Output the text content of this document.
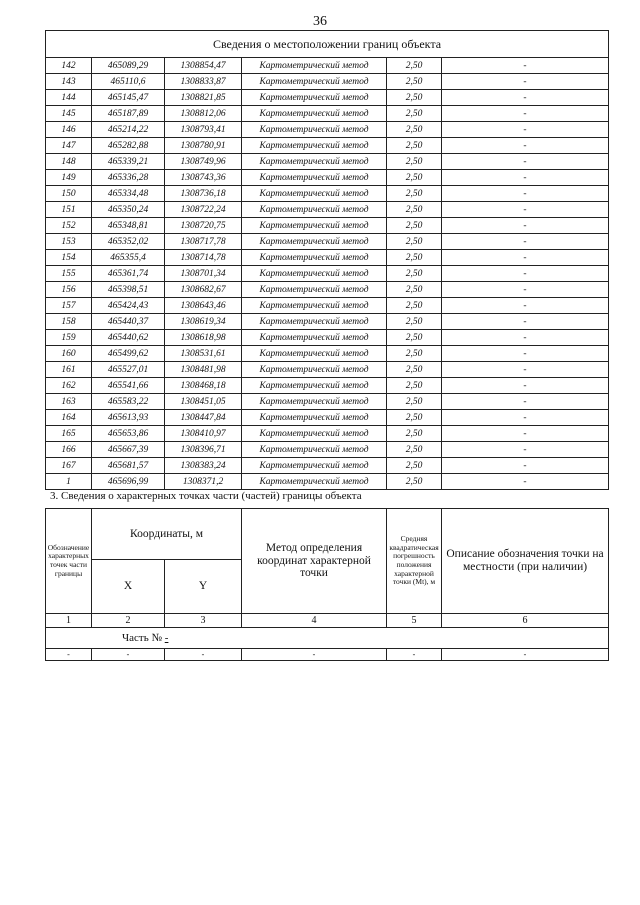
36
Сведения о местоположении границ объекта					
142	465089,29	1308854,47	Картометрический метод	2,50	-
143	465110,6	1308833,87	Картометрический метод	2,50	-
144	465145,47	1308821,85	Картометрический метод	2,50	-
145	465187,89	1308812,06	Картометрический метод	2,50	-
146	465214,22	1308793,41	Картометрический метод	2,50	-
147	465282,88	1308780,91	Картометрический метод	2,50	-
148	465339,21	1308749,96	Картометрический метод	2,50	-
149	465336,28	1308743,36	Картометрический метод	2,50	-
150	465334,48	1308736,18	Картометрический метод	2,50	-
151	465350,24	1308722,24	Картометрический метод	2,50	-
152	465348,81	1308720,75	Картометрический метод	2,50	-
153	465352,02	1308717,78	Картометрический метод	2,50	-
154	465355,4	1308714,78	Картометрический метод	2,50	-
155	465361,74	1308701,34	Картометрический метод	2,50	-
156	465398,51	1308682,67	Картометрический метод	2,50	-
157	465424,43	1308643,46	Картометрический метод	2,50	-
158	465440,37	1308619,34	Картометрический метод	2,50	-
159	465440,62	1308618,98	Картометрический метод	2,50	-
160	465499,62	1308531,61	Картометрический метод	2,50	-
161	465527,01	1308481,98	Картометрический метод	2,50	-
162	465541,66	1308468,18	Картометрический метод	2,50	-
163	465583,22	1308451,05	Картометрический метод	2,50	-
164	465613,93	1308447,84	Картометрический метод	2,50	-
165	465653,86	1308410,97	Картометрический метод	2,50	-
166	465667,39	1308396,71	Картометрический метод	2,50	-
167	465681,57	1308383,24	Картометрический метод	2,50	-
1	465696,99	1308371,2	Картометрический метод	2,50	-
3. Сведения о характерных точках части (частей) границы объекта
Обозначение характерных точек части границы	Координаты, м		Метод определения координат характерной точки	Средняя квадратическая погрешность положения характерной точки (Mt), м	Описание обозначения точки на местности (при наличии)
	X	Y			
1	2	3	4	5	6
Часть № -					
-	-	-	-	-	-
